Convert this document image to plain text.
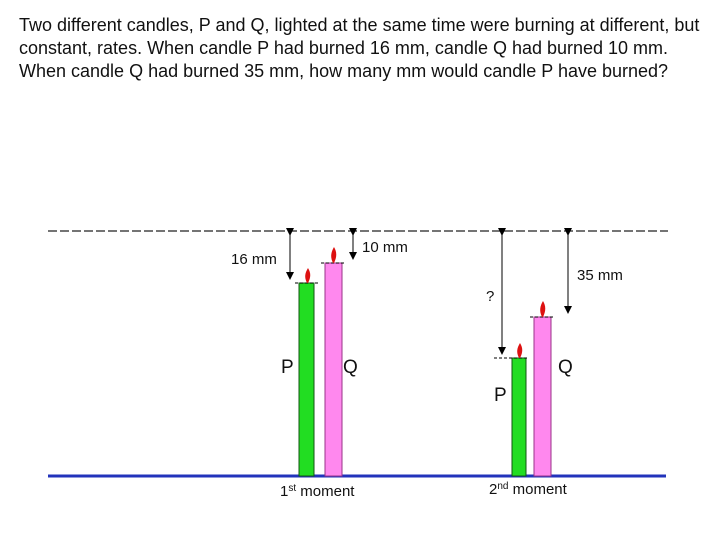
Two different candles, P and Q, lighted at the same time were burning at different, but constant, rates. When candle P had burned 16 mm, candle Q had burned 10 mm. When candle Q had burned 35 mm, how many mm would candle P have burned?
16 mm
10 mm
P	Q
1st moment
?
35 mm
P
Q
2nd moment
